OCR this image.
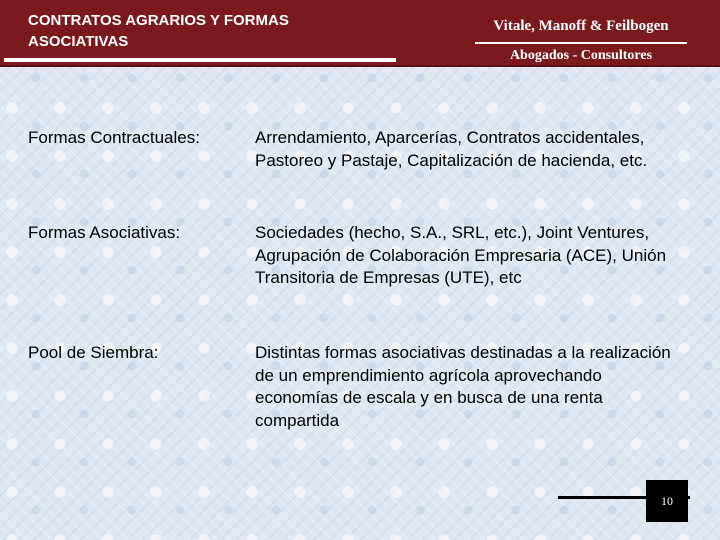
CONTRATOS AGRARIOS Y FORMAS ASOCIATIVAS
Vitale, Manoff & Feilbogen
Abogados - Consultores
Formas Contractuales:	Arrendamiento, Aparcerías, Contratos accidentales, Pastoreo y Pastaje, Capitalización de hacienda, etc.
Formas Asociativas:	Sociedades (hecho, S.A., SRL, etc.), Joint Ventures, Agrupación de Colaboración Empresaria (ACE), Unión Transitoria de Empresas (UTE), etc
Pool de Siembra:	Distintas formas asociativas destinadas a la realización de un emprendimiento agrícola aprovechando economías de escala y en busca de una renta compartida
10
